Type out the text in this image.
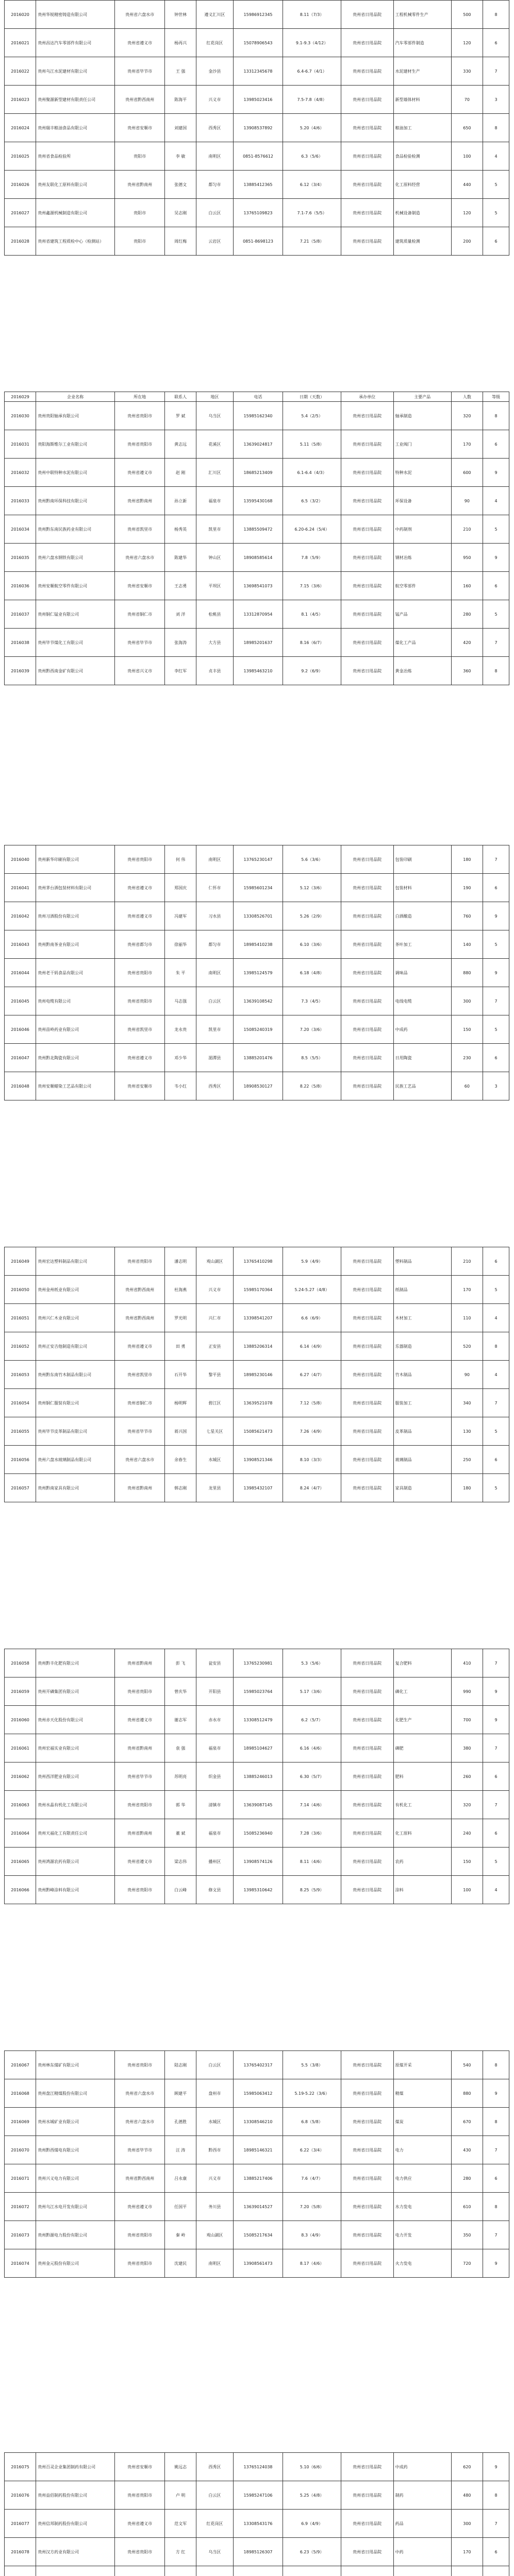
2016020	贵州华锐精密铸造有限公司	贵州省六盘水市	钟世林	遵义汇川区	15986912345	8.11（7/3）	贵州省日用品院	工程机械零件生产	500	8
2016021	贵州昌达汽车零部件有限公司	贵州省遵义市	杨再兴	红花岗区	15078906543	9.1-9.3（4/12）	贵州省日用品院	汽车零部件制造	120	6
2016022	贵州乌江水泥建材有限公司	贵州省毕节市	王 强	金沙县	13312345678	6.4-6.7（4/1）	贵州省日用品院	水泥建材生产	330	7
2016023	贵州聚源新型建材有限责任公司	贵州省黔西南州	陈海平	兴义市	13985023416	7.5-7.8（4/8）	贵州省日用品院	新型墙体材料	70	3
2016024	贵州瑞丰粮油食品有限公司	贵州省安顺市	刘建国	西秀区	13908537892	5.20（4/6）	贵州省日用品院	粮油加工	650	8
2016025	贵州省食品检验所	贵阳市	李 敏	南明区	0851-8576612	6.3（5/6）	贵州省日用品院	食品检验检测	100	4
2016026	贵州友联化工原料有限公司	贵州省黔南州	张德文	都匀市	13885412365	6.12（3/4）	贵州省日用品院	化工原料经营	440	5
2016027	贵州鑫源机械制造有限公司	贵阳市	吴志刚	白云区	13765109823	7.1-7.6（5/5）	贵州省日用品院	机械设备制造	120	5
2016028	贵州省建筑工程质检中心（检测站）	贵阳市	周红梅	云岩区	0851-8698123	7.21（5/8）	贵州省日用品院	建筑质量检测	200	6
2016029	企业名称	所在地	联系人	地区	电话	日期（天数）	承办单位	主要产品	人数	等级
2016030	贵州贵阳轴承有限公司	贵州省贵阳市	罗 斌	乌当区	15985162340	5.4（2/5）	贵州省日用品院	轴承制造	320	8
2016031	贵阳海斯维尔工业有限公司	贵州省贵阳市	黄志远	花溪区	13639024817	5.11（5/8）	贵州省日用品院	工业阀门	170	6
2016032	贵州中联特种水泥有限公司	贵州省遵义市	赵 刚	汇川区	18685213409	6.1-6.4（4/3）	贵州省日用品院	特种水泥	600	9
2016033	贵州黔南环保科技有限公司	贵州省黔南州	孙立新	福泉市	13595430168	6.5（3/2）	贵州省日用品院	环保设备	90	4
2016034	贵州黔东南民族药业有限公司	贵州省凯里市	杨秀英	凯里市	13885509472	6.20-6.24（5/4）	贵州省日用品院	中药制剂	210	5
2016035	贵州六盘水钢铁有限公司	贵州省六盘水市	陈建华	钟山区	18908585614	7.8（5/9）	贵州省日用品院	钢材冶炼	950	9
2016036	贵州安顺航空零件有限公司	贵州省安顺市	王志勇	平坝区	13698541073	7.15（3/6）	贵州省日用品院	航空零部件	160	6
2016037	贵州铜仁锰业有限公司	贵州省铜仁市	刘 洋	松桃县	13312870954	8.1（4/5）	贵州省日用品院	锰产品	280	5
2016038	贵州毕节煤化工有限公司	贵州省毕节市	张海涛	大方县	18985201637	8.16（6/7）	贵州省日用品院	煤化工产品	420	7
2016039	贵州黔西南金矿有限公司	贵州省兴义市	李红军	贞丰县	13985463210	9.2（6/9）	贵州省日用品院	黄金冶炼	360	8
2016040	贵州新华印刷有限公司	贵州省贵阳市	何 伟	南明区	13765230147	5.6（3/6）	贵州省日用品院	包装印刷	180	7
2016041	贵州茅台酒包装材料有限公司	贵州省遵义市	郑国庆	仁怀市	15985601234	5.12（3/6）	贵州省日用品院	包装材料	190	6
2016042	贵州习酒股份有限公司	贵州省遵义市	冯建军	习水县	13308526701	5.26（2/9）	贵州省日用品院	白酒酿造	760	9
2016043	贵州黔南茶业有限公司	贵州省都匀市	徐丽华	都匀市	18985410238	6.10（3/6）	贵州省日用品院	茶叶加工	140	5
2016044	贵州老干妈食品有限公司	贵州省贵阳市	朱 平	南明区	13985124579	6.18（4/8）	贵州省日用品院	调味品	880	9
2016045	贵州电缆有限公司	贵州省贵阳市	马志强	白云区	13639108542	7.3（4/5）	贵州省日用品院	电线电缆	300	7
2016046	贵州苗岭药业有限公司	贵州省凯里市	龙永贵	凯里市	15085240319	7.20（3/6）	贵州省日用品院	中成药	150	5
2016047	贵州黔北陶瓷有限公司	贵州省遵义市	邓少华	湄潭县	13885201476	8.5（5/5）	贵州省日用品院	日用陶瓷	230	6
2016048	贵州安顺蜡染工艺品有限公司	贵州省安顺市	韦小红	西秀区	18908530127	8.22（5/8）	贵州省日用品院	民族工艺品	60	3
2016049	贵州宏达塑料制品有限公司	贵州省贵阳市	潘志明	观山湖区	13765410298	5.9（4/9）	贵州省日用品院	塑料制品	210	6
2016050	贵州金州纸业有限公司	贵州省黔西南州	杜海燕	兴义市	15985170364	5.24-5.27（4/8）	贵州省日用品院	纸制品	170	5
2016051	贵州兴仁木业有限公司	贵州省黔西南州	罗光明	兴仁市	13398541207	6.6（6/9）	贵州省日用品院	木材加工	110	4
2016052	贵州正安吉他制造有限公司	贵州省遵义市	田 勇	正安县	13885206314	6.14（4/9）	贵州省日用品院	乐器制造	520	8
2016053	贵州黔东南竹木制品有限公司	贵州省凯里市	石开华	黎平县	18985230146	6.27（4/7）	贵州省日用品院	竹木制品	90	4
2016054	贵州铜仁服装有限公司	贵州省铜仁市	杨明辉	碧江区	13639521078	7.12（5/8）	贵州省日用品院	服装加工	340	7
2016055	贵州毕节皮革制品有限公司	贵州省毕节市	蒋兴国	七星关区	15085621473	7.26（4/9）	贵州省日用品院	皮革制品	130	5
2016056	贵州六盘水玻璃制品有限公司	贵州省六盘水市	余春生	水城区	13908521346	8.10（3/3）	贵州省日用品院	玻璃制品	250	6
2016057	贵州黔南家具有限公司	贵州省黔南州	韩志刚	龙里县	13985432107	8.24（4/7）	贵州省日用品院	家具制造	180	5
2016058	贵州黔丰化肥有限公司	贵州省黔南州	彭 飞	瓮安县	13765230981	5.3（5/6）	贵州省日用品院	复合肥料	410	7
2016059	贵州开磷集团有限公司	贵州省贵阳市	曾庆华	开阳县	15985023764	5.17（3/6）	贵州省日用品院	磷化工	990	9
2016060	贵州赤天化股份有限公司	贵州省遵义市	谢志军	赤水市	13308512479	6.2（5/7）	贵州省日用品院	化肥生产	700	9
2016061	贵州宏福实业有限公司	贵州省黔南州	袁 强	福泉市	18985104627	6.16（4/6）	贵州省日用品院	磷肥	380	7
2016062	贵州西洋肥业有限公司	贵州省毕节市	苏明亮	织金县	13885246013	6.30（5/7）	贵州省日用品院	肥料	260	6
2016063	贵州水晶有机化工有限公司	贵州省贵阳市	郭 华	清镇市	13639087145	7.14（4/6）	贵州省日用品院	有机化工	320	7
2016064	贵州天福化工有限责任公司	贵州省黔南州	董 斌	福泉市	15085236940	7.28（3/6）	贵州省日用品院	化工原料	240	6
2016065	贵州鸿源农药有限公司	贵州省遵义市	梁志伟	播州区	13908574126	8.11（4/6）	贵州省日用品院	农药	150	5
2016066	贵州黔峰涂料有限公司	贵州省贵阳市	白云峰	修文县	13985310642	8.25（5/9）	贵州省日用品院	涂料	100	4
2016067	贵州林东煤矿有限公司	贵州省贵阳市	陆志刚	白云区	13765402317	5.5（3/8）	贵州省日用品院	原煤开采	540	8
2016068	贵州盘江精煤股份有限公司	贵州省六盘水市	顾建平	盘州市	15985063412	5.19-5.22（3/6）	贵州省日用品院	精煤	880	9
2016069	贵州水城矿业有限公司	贵州省六盘水市	孔德胜	水城区	13308546210	6.8（5/8）	贵州省日用品院	煤炭	670	8
2016070	贵州黔西煤电有限公司	贵州省毕节市	汪 涛	黔西市	18985146321	6.22（3/4）	贵州省日用品院	电力	430	7
2016071	贵州兴义电力有限公司	贵州省黔西南州	吕永康	兴义市	13885217406	7.6（4/7）	贵州省日用品院	电力供应	280	6
2016072	贵州乌江水电开发有限公司	贵州省遵义市	任国平	务川县	13639014527	7.20（5/8）	贵州省日用品院	水力发电	610	8
2016073	贵州黔源电力股份有限公司	贵州省贵阳市	秦 岭	观山湖区	15085217634	8.3（4/9）	贵州省日用品院	电力开发	350	7
2016074	贵州金元股份有限公司	贵州省贵阳市	沈建民	南明区	13908561473	8.17（4/6）	贵州省日用品院	火力发电	720	9
2016075	贵州百灵企业集团制药有限公司	贵州省安顺市	姚远志	西秀区	13765124038	5.10（6/6）	贵州省日用品院	中成药	620	9
2016076	贵州益佰制药股份有限公司	贵州省贵阳市	卢 明	白云区	15985247106	5.25（4/8）	贵州省日用品院	制药	480	8
2016077	贵州信邦制药股份有限公司	贵州省遵义市	范文军	红花岗区	13308543176	6.9（4/9）	贵州省日用品院	药品	300	7
2016078	贵州汉方药业有限公司	贵州省贵阳市	方 红	乌当区	18985126307	6.23（5/9）	贵州省日用品院	中药	170	6
